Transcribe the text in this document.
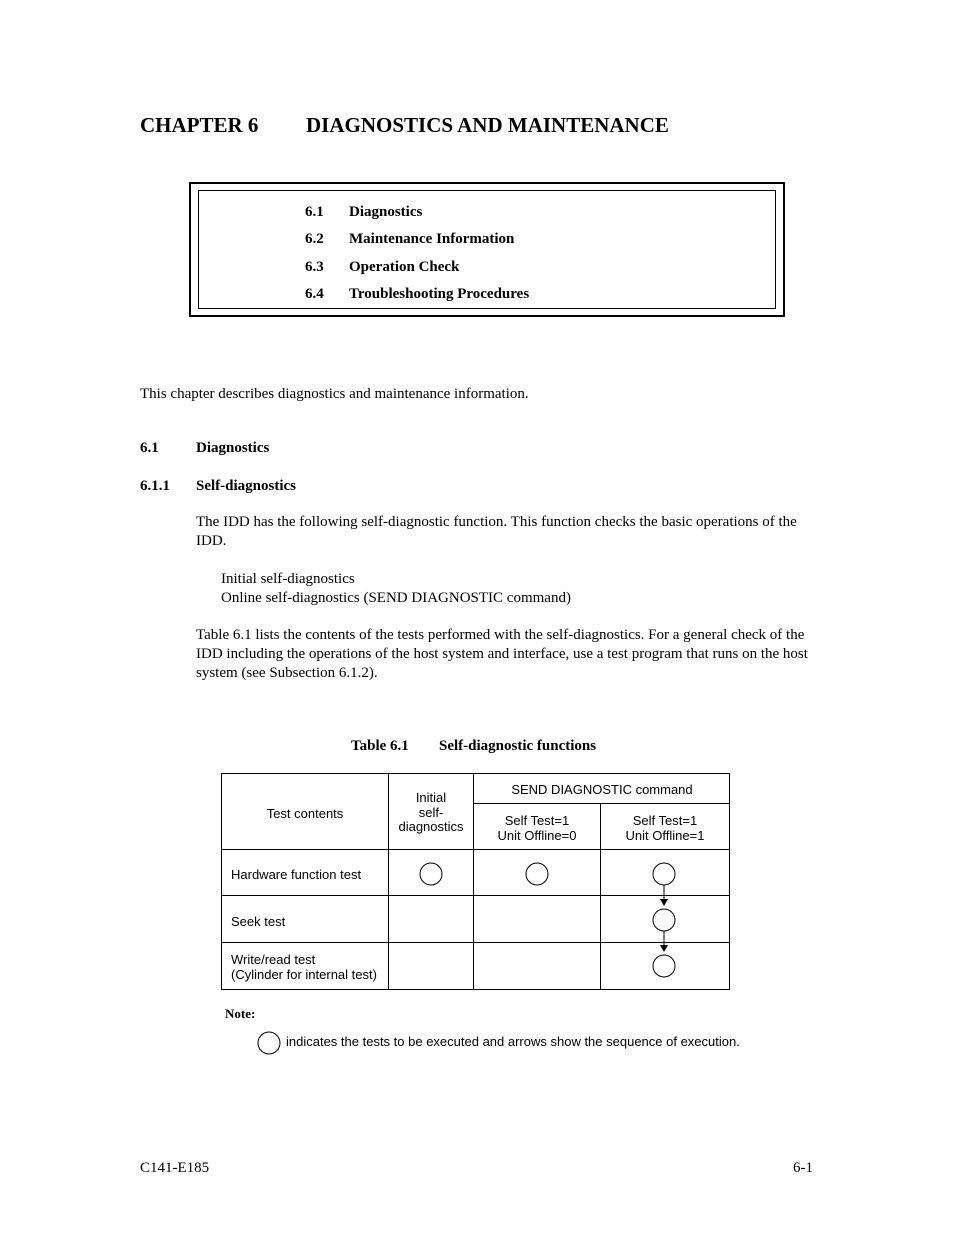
CHAPTER 6 DIAGNOSTICS AND MAINTENANCE
6.1 Diagnostics
6.2 Maintenance Information
6.3 Operation Check
6.4 Troubleshooting Procedures
This chapter describes diagnostics and maintenance information.
6.1 Diagnostics
6.1.1 Self-diagnostics
The IDD has the following self-diagnostic function. This function checks the basic operations of the IDD.
Initial self-diagnostics
Online self-diagnostics (SEND DIAGNOSTIC command)
Table 6.1 lists the contents of the tests performed with the self-diagnostics. For a general check of the IDD including the operations of the host system and interface, use a test program that runs on the host system (see Subsection 6.1.2).
Table 6.1 Self-diagnostic functions
Test contents
Initial
self-
diagnostics
SEND DIAGNOSTIC command
Self Test=1
Unit Offline=0
Self Test=1
Unit Offline=1
Hardware function test
Seek test
Write/read test
(Cylinder for internal test)
Note:
indicates the tests to be executed and arrows show the sequence of execution.
C141-E185	6-1
